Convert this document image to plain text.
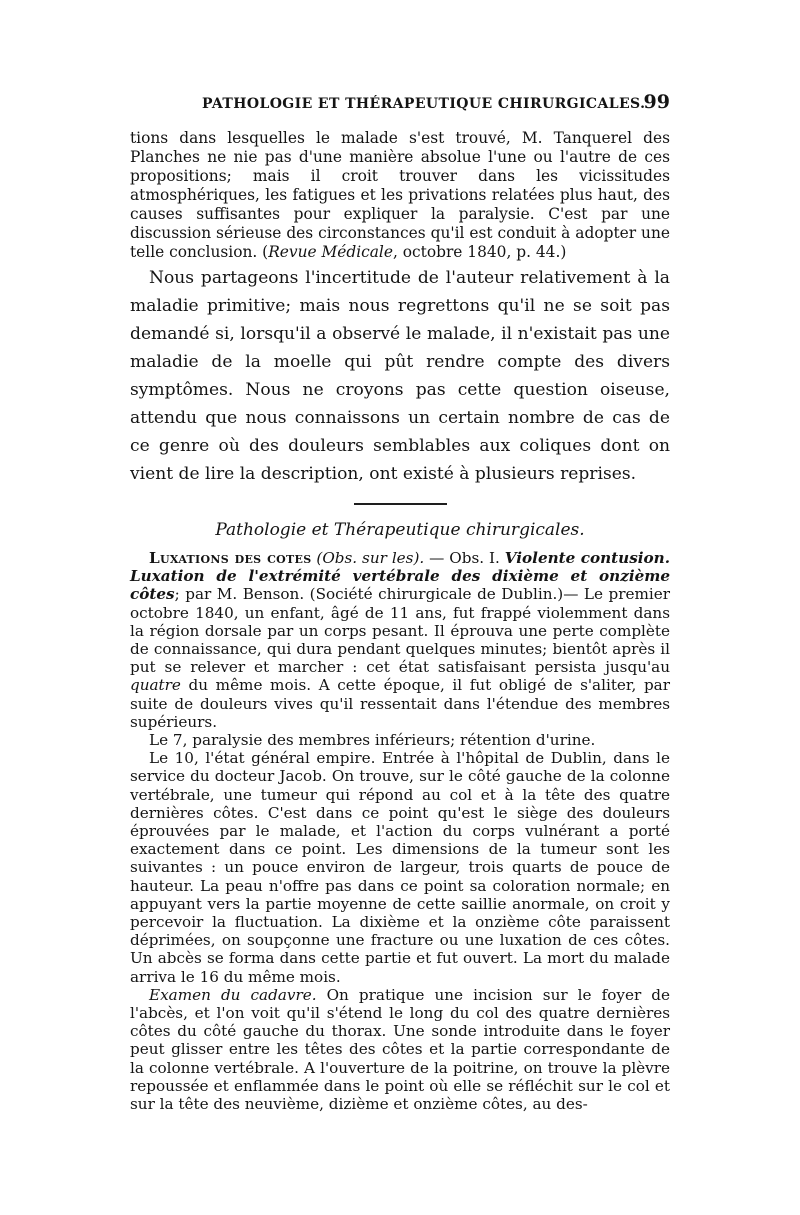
PATHOLOGIE ET THÉRAPEUTIQUE CHIRURGICALES.
99

tions dans lesquelles le malade s'est trouvé, M. Tanquerel des Planches ne nie pas d'une manière absolue l'une ou l'autre de ces propositions; mais il croit trouver dans les vicissitudes atmosphériques, les fatigues et les privations relatées plus haut, des causes suffisantes pour expliquer la paralysie. C'est par une discussion sérieuse des circonstances qu'il est conduit à adopter une telle conclusion. (Revue Médicale, octobre 1840, p. 44.)

Nous partageons l'incertitude de l'auteur relativement à la maladie primitive; mais nous regrettons qu'il ne se soit pas demandé si, lorsqu'il a observé le malade, il n'existait pas une maladie de la moelle qui pût rendre compte des divers symptômes. Nous ne croyons pas cette question oiseuse, attendu que nous connaissons un certain nombre de cas de ce genre où des douleurs semblables aux coliques dont on vient de lire la description, ont existé à plusieurs reprises.

Pathologie et Thérapeutique chirurgicales.

Luxations des cotes (Obs. sur les). — Obs. I. Violente contusion. Luxation de l'extrémité vertébrale des dixième et onzième côtes; par M. Benson. (Société chirurgicale de Dublin.)— Le premier octobre 1840, un enfant, âgé de 11 ans, fut frappé violemment dans la région dorsale par un corps pesant. Il éprouva une perte complète de connaissance, qui dura pendant quelques minutes; bientôt après il put se relever et marcher : cet état satisfaisant persista jusqu'au quatre du même mois. A cette époque, il fut obligé de s'aliter, par suite de douleurs vives qu'il ressentait dans l'étendue des membres supérieurs.

Le 7, paralysie des membres inférieurs; rétention d'urine.

Le 10, l'état général empire. Entrée à l'hôpital de Dublin, dans le service du docteur Jacob. On trouve, sur le côté gauche de la colonne vertébrale, une tumeur qui répond au col et à la tête des quatre dernières côtes. C'est dans ce point qu'est le siège des douleurs éprouvées par le malade, et l'action du corps vulnérant a porté exactement dans ce point. Les dimensions de la tumeur sont les suivantes : un pouce environ de largeur, trois quarts de pouce de hauteur. La peau n'offre pas dans ce point sa coloration normale; en appuyant vers la partie moyenne de cette saillie anormale, on croit y percevoir la fluctuation. La dixième et la onzième côte paraissent déprimées, on soupçonne une fracture ou une luxation de ces côtes. Un abcès se forma dans cette partie et fut ouvert. La mort du malade arriva le 16 du même mois.

Examen du cadavre. On pratique une incision sur le foyer de l'abcès, et l'on voit qu'il s'étend le long du col des quatre dernières côtes du côté gauche du thorax. Une sonde introduite dans le foyer peut glisser entre les têtes des côtes et la partie correspondante de la colonne vertébrale. A l'ouverture de la poitrine, on trouve la plèvre repoussée et enflammée dans le point où elle se réfléchit sur le col et sur la tête des neuvième, dizième et onzième côtes, au des-
